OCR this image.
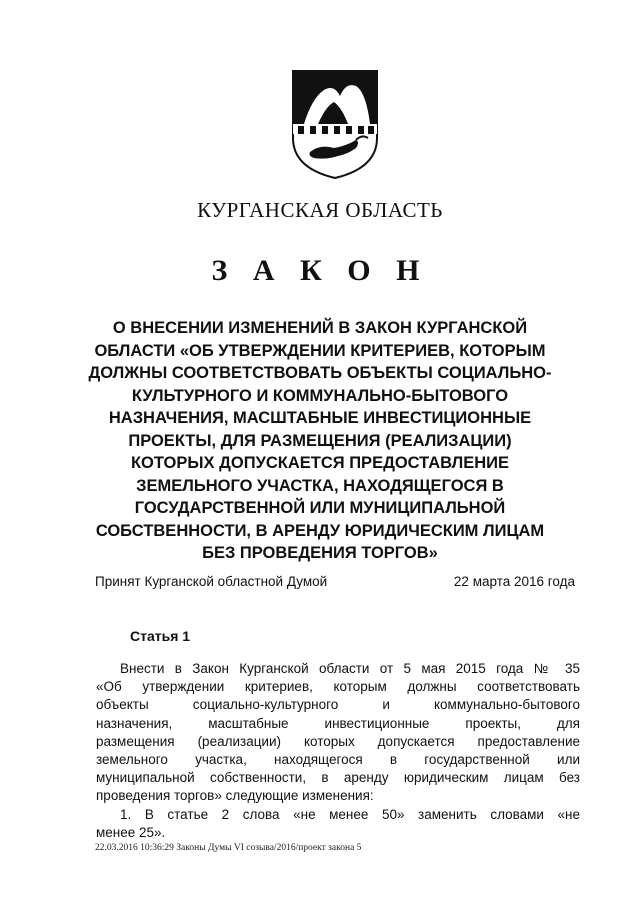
КУРГАНСКАЯ ОБЛАСТЬ
З А К О Н
О ВНЕСЕНИИ ИЗМЕНЕНИЙ В ЗАКОН КУРГАНСКОЙ
ОБЛАСТИ «ОБ УТВЕРЖДЕНИИ КРИТЕРИЕВ, КОТОРЫМ
ДОЛЖНЫ СООТВЕТСТВОВАТЬ ОБЪЕКТЫ СОЦИАЛЬНО-
КУЛЬТУРНОГО И КОММУНАЛЬНО-БЫТОВОГО
НАЗНАЧЕНИЯ, МАСШТАБНЫЕ ИНВЕСТИЦИОННЫЕ
ПРОЕКТЫ, ДЛЯ РАЗМЕЩЕНИЯ (РЕАЛИЗАЦИИ)
КОТОРЫХ ДОПУСКАЕТСЯ ПРЕДОСТАВЛЕНИЕ
ЗЕМЕЛЬНОГО УЧАСТКА, НАХОДЯЩЕГОСЯ В
ГОСУДАРСТВЕННОЙ ИЛИ МУНИЦИПАЛЬНОЙ
СОБСТВЕННОСТИ, В АРЕНДУ ЮРИДИЧЕСКИМ ЛИЦАМ
БЕЗ ПРОВЕДЕНИЯ ТОРГОВ»
Принят Курганской областной Думой	22 марта 2016 года
Статья 1
Внести в Закон Курганской области от 5 мая 2015 года № 35
«Об утверждении критериев, которым должны соответствовать
объекты социально-культурного и коммунально-бытового
назначения, масштабные инвестиционные проекты, для
размещения (реализации) которых допускается предоставление
земельного участка, находящегося в государственной или
муниципальной собственности, в аренду юридическим лицам без
проведения торгов» следующие изменения:
1. В статье 2 слова «не менее 50» заменить словами «не
менее 25».
22.03.2016 10:36:29 Законы Думы VI созыва/2016/проект закона 5
